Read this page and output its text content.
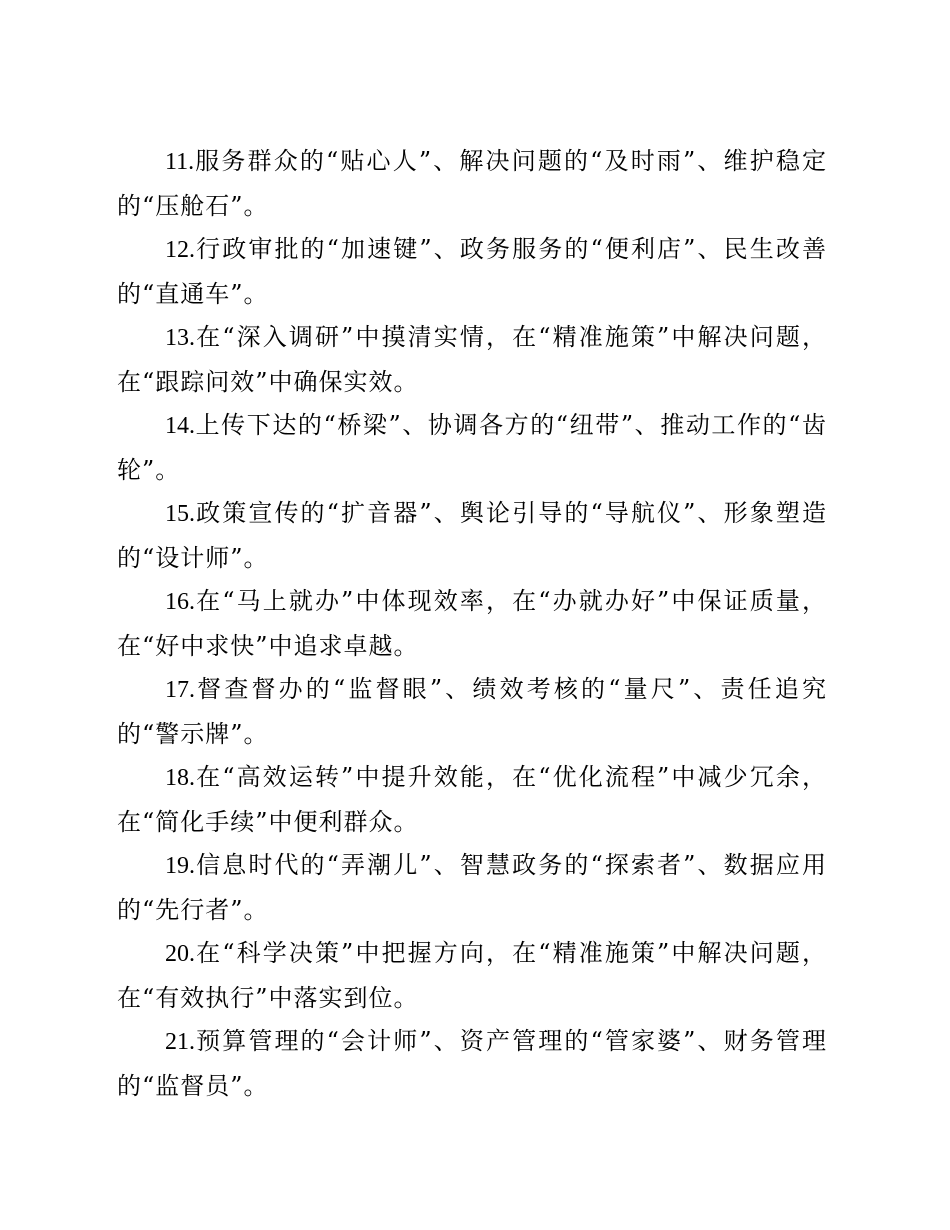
11.服务群众的“贴心人”、解决问题的“及时雨”、维护稳定的“压舱石”。

12.行政审批的“加速键”、政务服务的“便利店”、民生改善的“直通车”。

13.在“深入调研”中摸清实情，在“精准施策”中解决问题，在“跟踪问效”中确保实效。

14.上传下达的“桥梁”、协调各方的“纽带”、推动工作的“齿轮”。

15.政策宣传的“扩音器”、舆论引导的“导航仪”、形象塑造的“设计师”。

16.在“马上就办”中体现效率，在“办就办好”中保证质量，在“好中求快”中追求卓越。

17.督查督办的“监督眼”、绩效考核的“量尺”、责任追究的“警示牌”。

18.在“高效运转”中提升效能，在“优化流程”中减少冗余，在“简化手续”中便利群众。

19.信息时代的“弄潮儿”、智慧政务的“探索者”、数据应用的“先行者”。

20.在“科学决策”中把握方向，在“精准施策”中解决问题，在“有效执行”中落实到位。

21.预算管理的“会计师”、资产管理的“管家婆”、财务管理的“监督员”。
